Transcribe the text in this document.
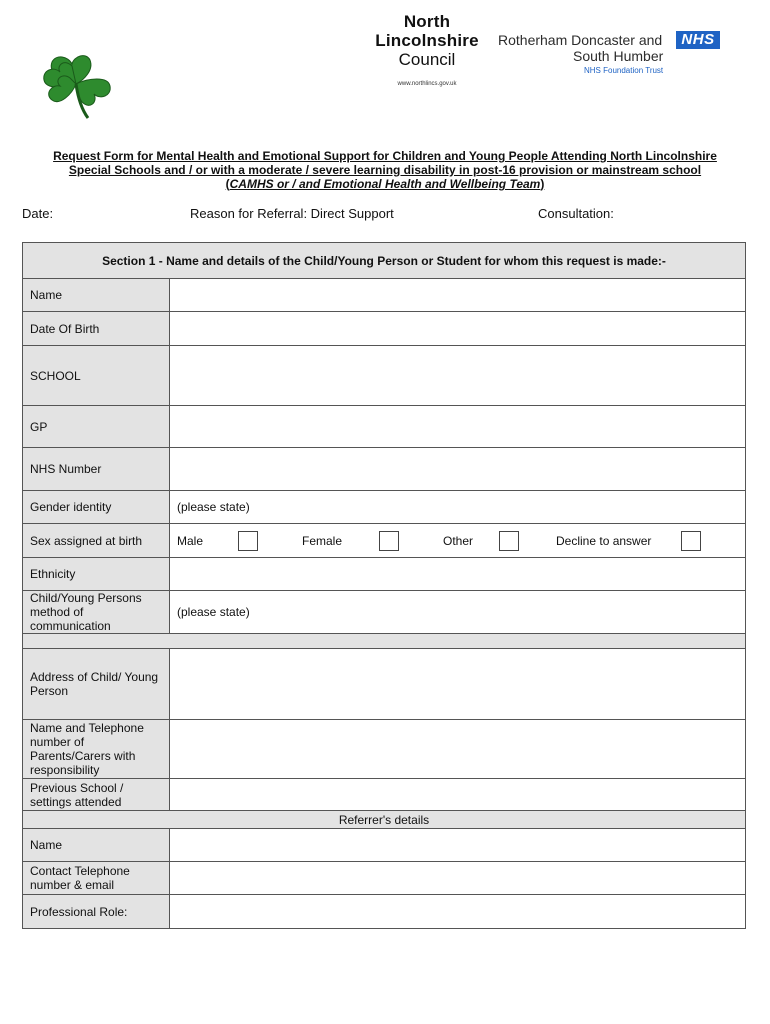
North
Lincolnshire
Council
www.northlincs.gov.uk
Rotherham Doncaster and	NHS
South Humber
NHS Foundation Trust
Request Form for Mental Health and Emotional Support for Children and Young People Attending North Lincolnshire Special Schools and / or with a moderate / severe learning disability in post-16 provision or mainstream school (CAMHS or / and Emotional Health and Wellbeing Team)
Date:	Reason for Referral: Direct Support	Consultation:
Section 1 - Name and details of the Child/Young Person or Student for whom this request is made:-	
Name	
Date Of Birth	
SCHOOL	
GP	
NHS Number	
Gender identity	(please state)
Sex assigned at birth	Male Female Other Decline to answer

Ethnicity	
Child/Young Persons method of communication	(please state)

Address of Child/ Young Person	
Name and Telephone number of Parents/Carers with responsibility	
Previous School / settings attended	
Referrer's details	
Name	
Contact Telephone number & email	
Professional Role:	
